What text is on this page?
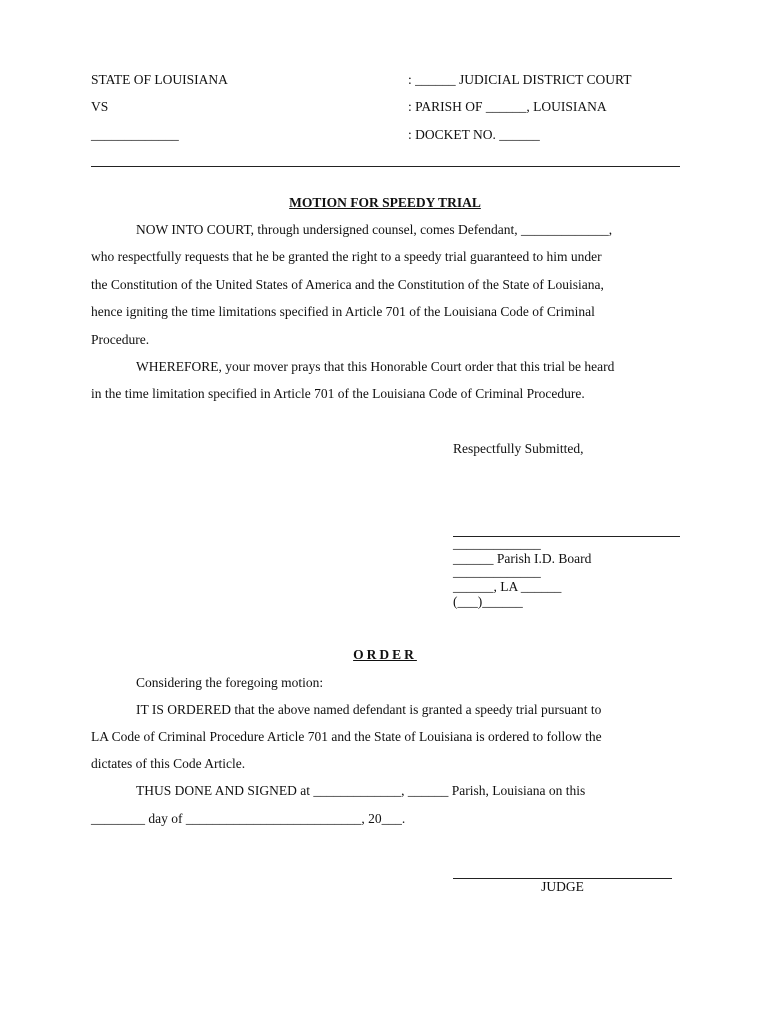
STATE OF LOUISIANA	: ______ JUDICIAL DISTRICT COURT
VS	: PARISH OF ______, LOUISIANA
_____________	: DOCKET NO. ______
MOTION FOR SPEEDY TRIAL
NOW INTO COURT, through undersigned counsel, comes Defendant, _____________,
who respectfully requests that he be granted the right to a speedy trial guaranteed to him under
the Constitution of the United States of America and the Constitution of the State of Louisiana,
hence igniting the time limitations specified in Article 701 of the Louisiana Code of Criminal
Procedure.
WHEREFORE, your mover prays that this Honorable Court order that this trial be heard
in the time limitation specified in Article 701 of the Louisiana Code of Criminal Procedure.
Respectfully Submitted,
_____________
______ Parish I.D. Board
_____________
______, LA ______
(___)______
ORDER
Considering the foregoing motion:
IT IS ORDERED that the above named defendant is granted a speedy trial pursuant to
LA Code of Criminal Procedure Article 701 and the State of Louisiana is ordered to follow the
dictates of this Code Article.
THUS DONE AND SIGNED at _____________, ______ Parish, Louisiana on this
________ day of __________________________, 20___.
JUDGE
